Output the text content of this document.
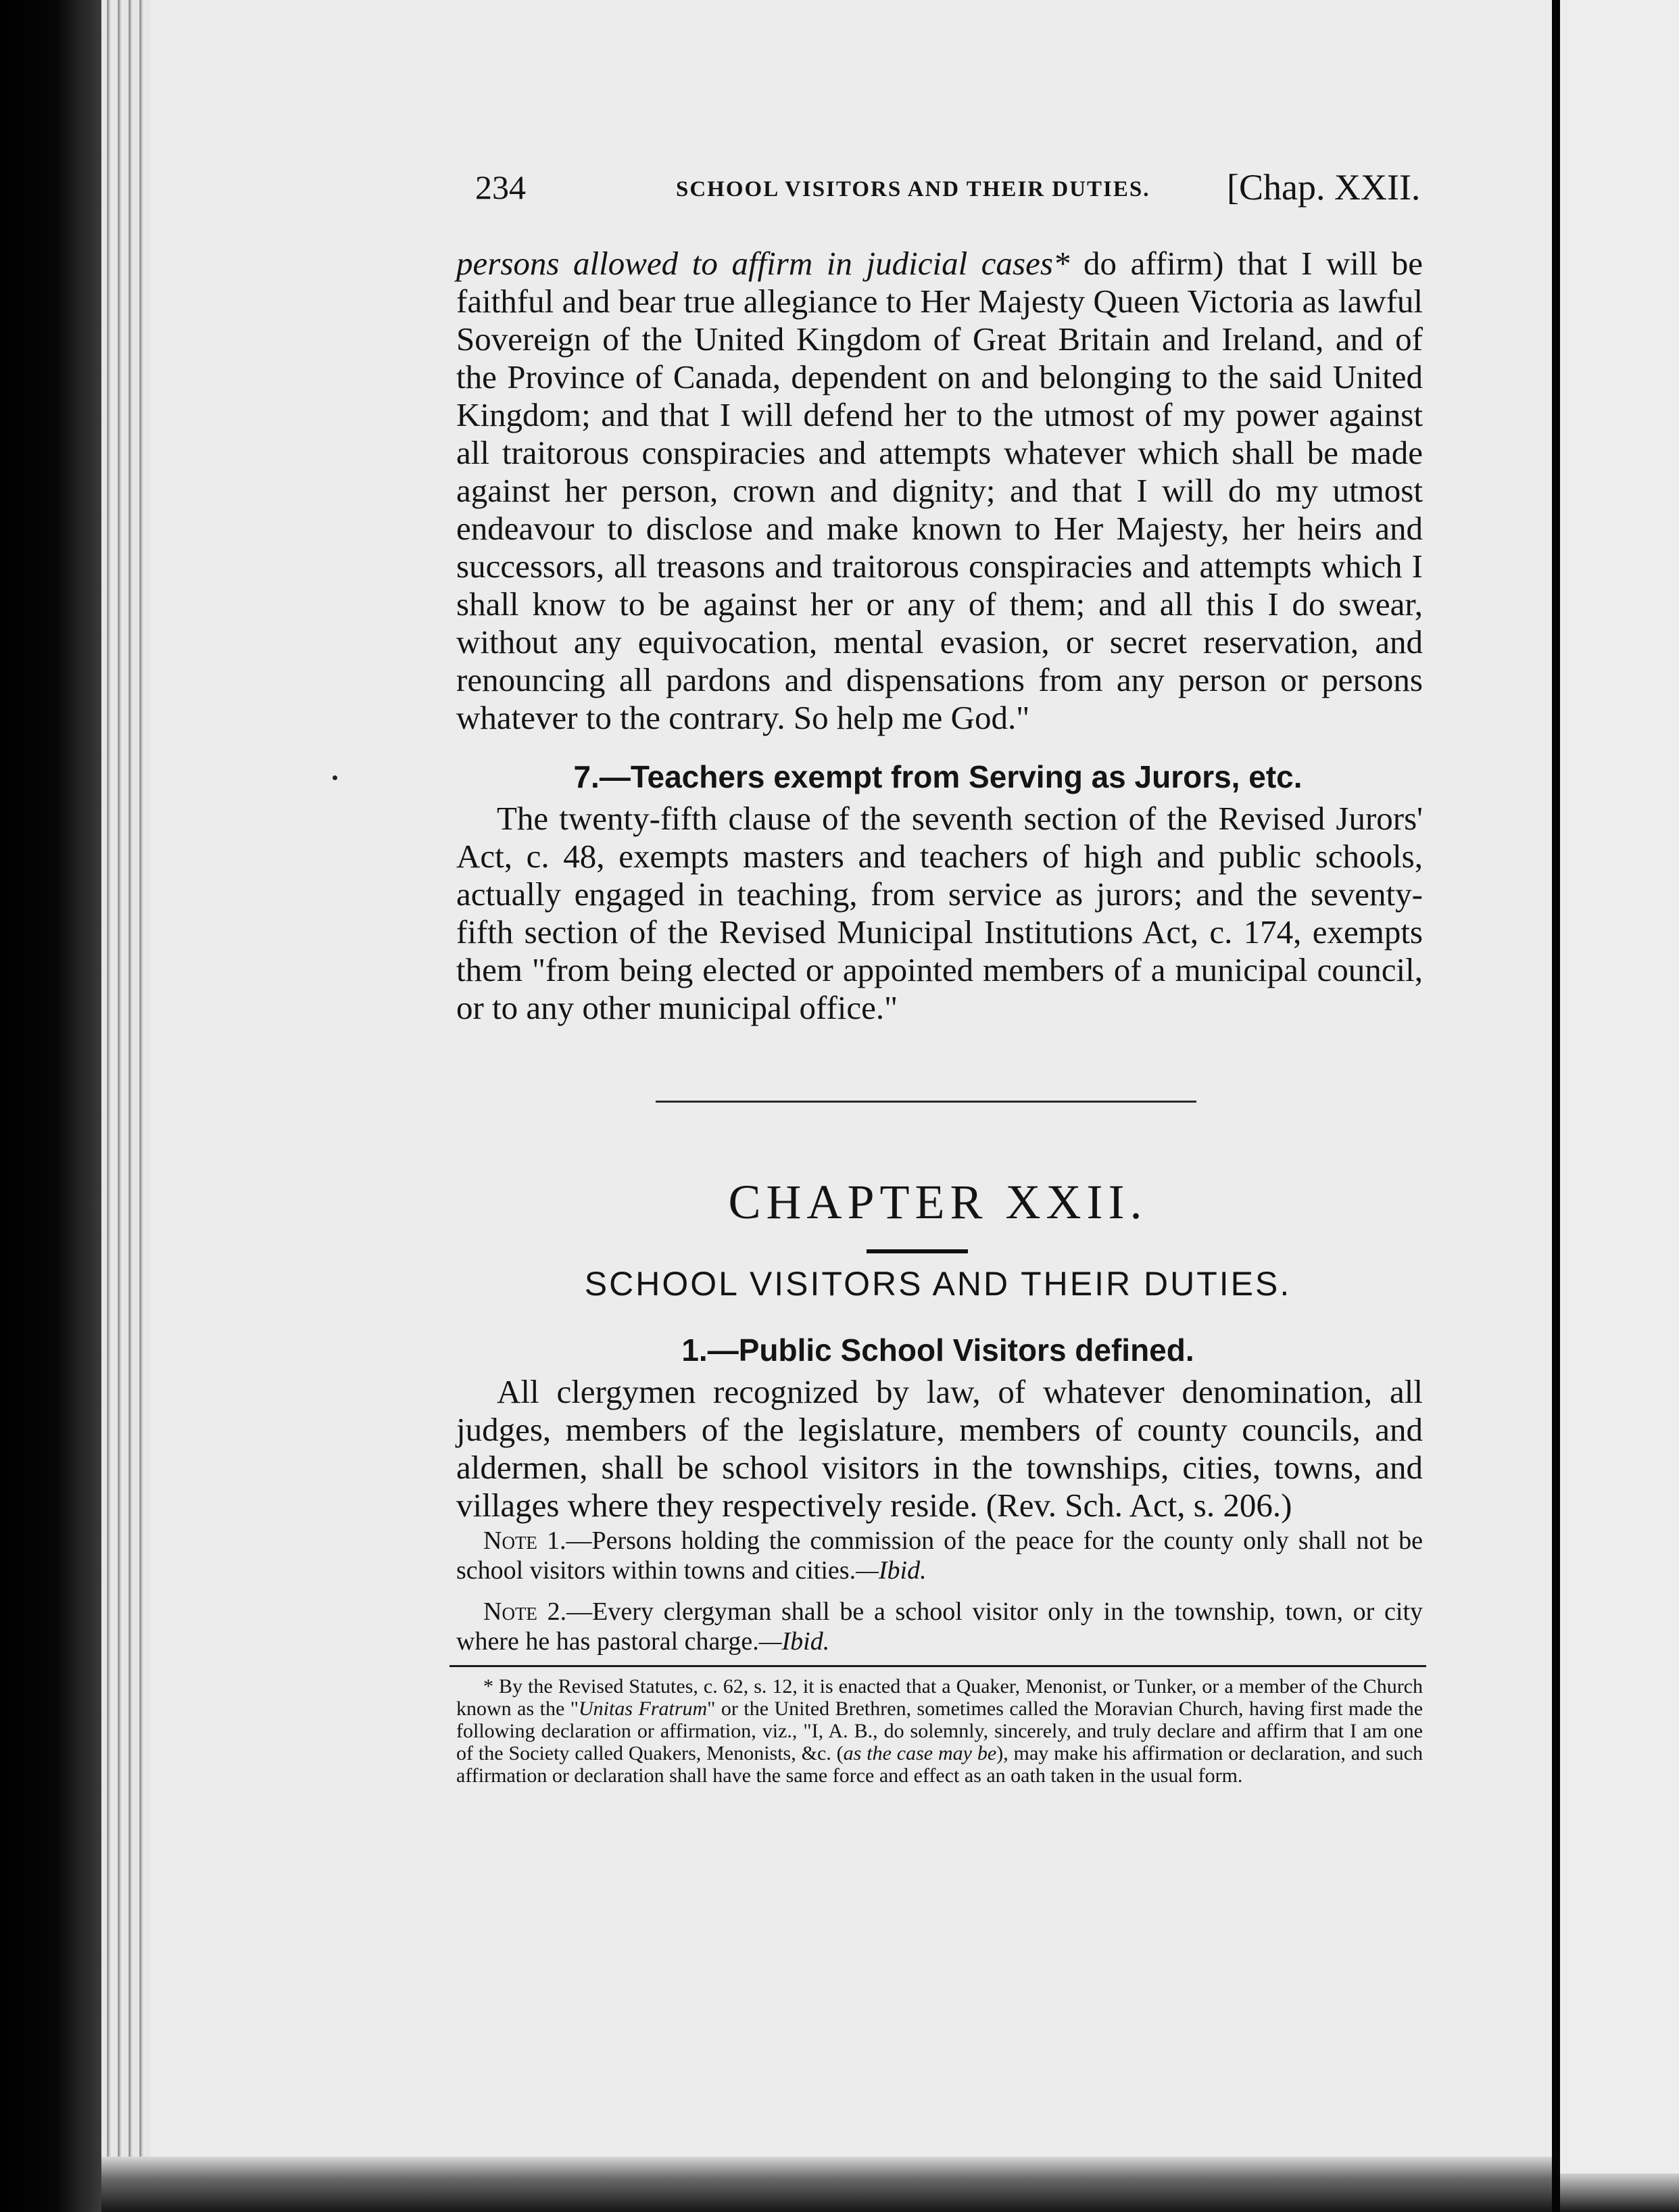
234	SCHOOL VISITORS AND THEIR DUTIES. [Chap. XXII.

persons allowed to affirm in judicial cases* do affirm) that I will be faithful and bear true allegiance to Her Majesty Queen Victoria as lawful Sovereign of the United Kingdom of Great Britain and Ireland, and of the Province of Canada, dependent on and belonging to the said United Kingdom; and that I will defend her to the utmost of my power against all traitorous conspiracies and attempts whatever which shall be made against her person, crown and dignity; and that I will do my utmost endeavour to disclose and make known to Her Majesty, her heirs and successors, all treasons and traitorous conspiracies and attempts which I shall know to be against her or any of them; and all this I do swear, without any equivocation, mental evasion, or secret reservation, and renouncing all pardons and dispensations from any person or persons whatever to the contrary. So help me God."

7.—Teachers exempt from Serving as Jurors, etc.

The twenty-fifth clause of the seventh section of the Revised Jurors' Act, c. 48, exempts masters and teachers of high and public schools, actually engaged in teaching, from service as jurors; and the seventy-fifth section of the Revised Municipal Institutions Act, c. 174, exempts them "from being elected or appointed members of a municipal council, or to any other municipal office."

CHAPTER XXII.
SCHOOL VISITORS AND THEIR DUTIES.
1.—Public School Visitors defined.

All clergymen recognized by law, of whatever denomination, all judges, members of the legislature, members of county councils, and aldermen, shall be school visitors in the townships, cities, towns, and villages where they respectively reside. (Rev. Sch. Act, s. 206.)

Note 1.—Persons holding the commission of the peace for the county only shall not be school visitors within towns and cities.—Ibid.

Note 2.—Every clergyman shall be a school visitor only in the township, town, or city where he has pastoral charge.—Ibid.

* By the Revised Statutes, c. 62, s. 12, it is enacted that a Quaker, Menonist, or Tunker, or a member of the Church known as the "Unitas Fratrum" or the United Brethren, sometimes called the Moravian Church, having first made the following declaration or affirmation, viz., "I, A. B., do solemnly, sincerely, and truly declare and affirm that I am one of the Society called Quakers, Menonists, &c. (as the case may be), may make his affirmation or declaration, and such affirmation or declaration shall have the same force and effect as an oath taken in the usual form.
